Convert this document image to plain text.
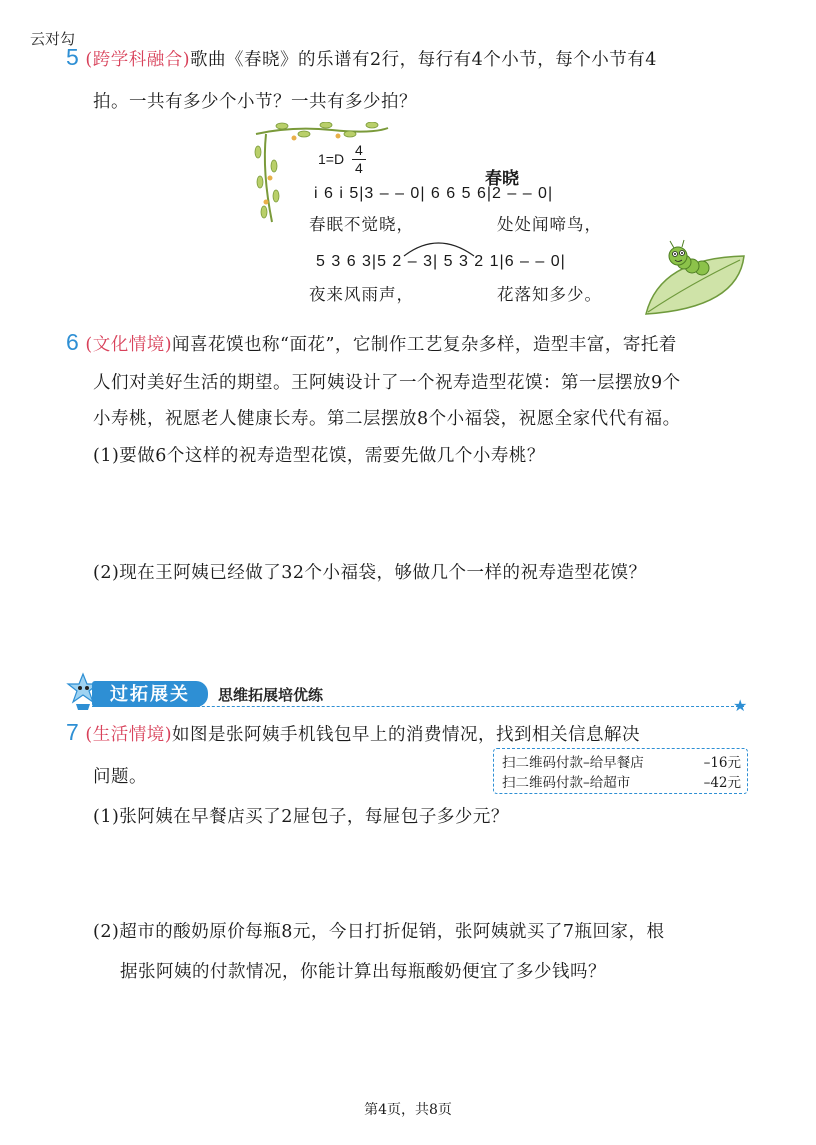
云对勾
5 (跨学科融合)歌曲《春晓》的乐谱有2行，每行有4个小节，每个小节有4
拍。一共有多少个小节？一共有多少拍？
1=D
4
4
春晓
i 6 i 5|3 – – 0| 6 6 5 6|2 – – 0|
春眠不觉晓，	处处闻啼鸟，
5 3 6 3|5 2 – 3| 5 3 2 1|6 – – 0|
夜来风雨声，	花落知多少。
6 (文化情境)闻喜花馍也称“面花”，它制作工艺复杂多样，造型丰富，寄托着
人们对美好生活的期望。王阿姨设计了一个祝寿造型花馍：第一层摆放9个
小寿桃，祝愿老人健康长寿。第二层摆放8个小福袋，祝愿全家代代有福。
(1)要做6个这样的祝寿造型花馍，需要先做几个小寿桃？
(2)现在王阿姨已经做了32个小福袋，够做几个一样的祝寿造型花馍？
过拓展关	思维拓展培优练
★
7 (生活情境)如图是张阿姨手机钱包早上的消费情况，找到相关信息解决
问题。
扫二维码付款–给早餐店	–16元
扫二维码付款–给超市	–42元
(1)张阿姨在早餐店买了2屉包子，每屉包子多少元？
(2)超市的酸奶原价每瓶8元，今日打折促销，张阿姨就买了7瓶回家，根
据张阿姨的付款情况，你能计算出每瓶酸奶便宜了多少钱吗？
第4页，共8页
